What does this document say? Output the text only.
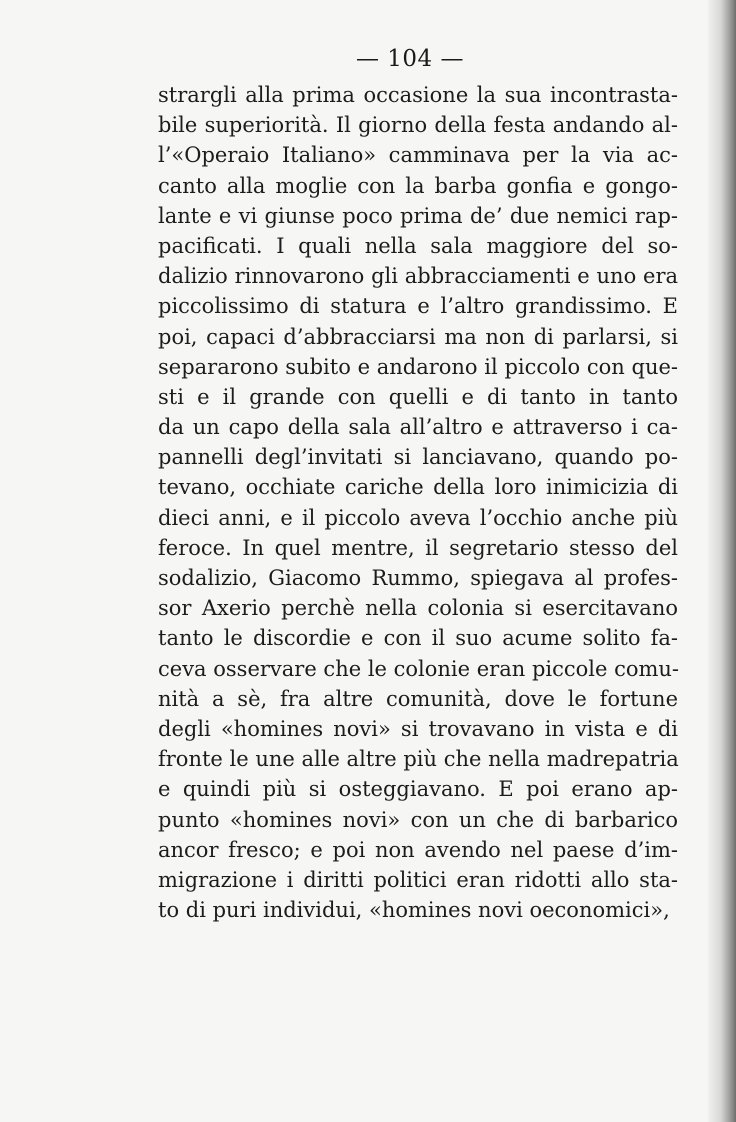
— 104 —
strargli alla prima occasione la sua incontrasta-
bile superiorità. Il giorno della festa andando al-
l’«Operaio Italiano» camminava per la via ac-
canto alla moglie con la barba gonfia e gongo-
lante e vi giunse poco prima de’ due nemici rap-
pacificati. I quali nella sala maggiore del so-
dalizio rinnovarono gli abbracciamenti e uno era
piccolissimo di statura e l’altro grandissimo. E
poi, capaci d’abbracciarsi ma non di parlarsi, si
separarono subito e andarono il piccolo con que-
sti e il grande con quelli e di tanto in tanto
da un capo della sala all’altro e attraverso i ca-
pannelli degl’invitati si lanciavano, quando po-
tevano, occhiate cariche della loro inimicizia di
dieci anni, e il piccolo aveva l’occhio anche più
feroce. In quel mentre, il segretario stesso del
sodalizio, Giacomo Rummo, spiegava al profes-
sor Axerio perchè nella colonia si esercitavano
tanto le discordie e con il suo acume solito fa-
ceva osservare che le colonie eran piccole comu-
nità a sè, fra altre comunità, dove le fortune
degli «homines novi» si trovavano in vista e di
fronte le une alle altre più che nella madrepatria
e quindi più si osteggiavano. E poi erano ap-
punto «homines novi» con un che di barbarico
ancor fresco; e poi non avendo nel paese d’im-
migrazione i diritti politici eran ridotti allo sta-
to di puri individui, «homines novi oeconomici»,
